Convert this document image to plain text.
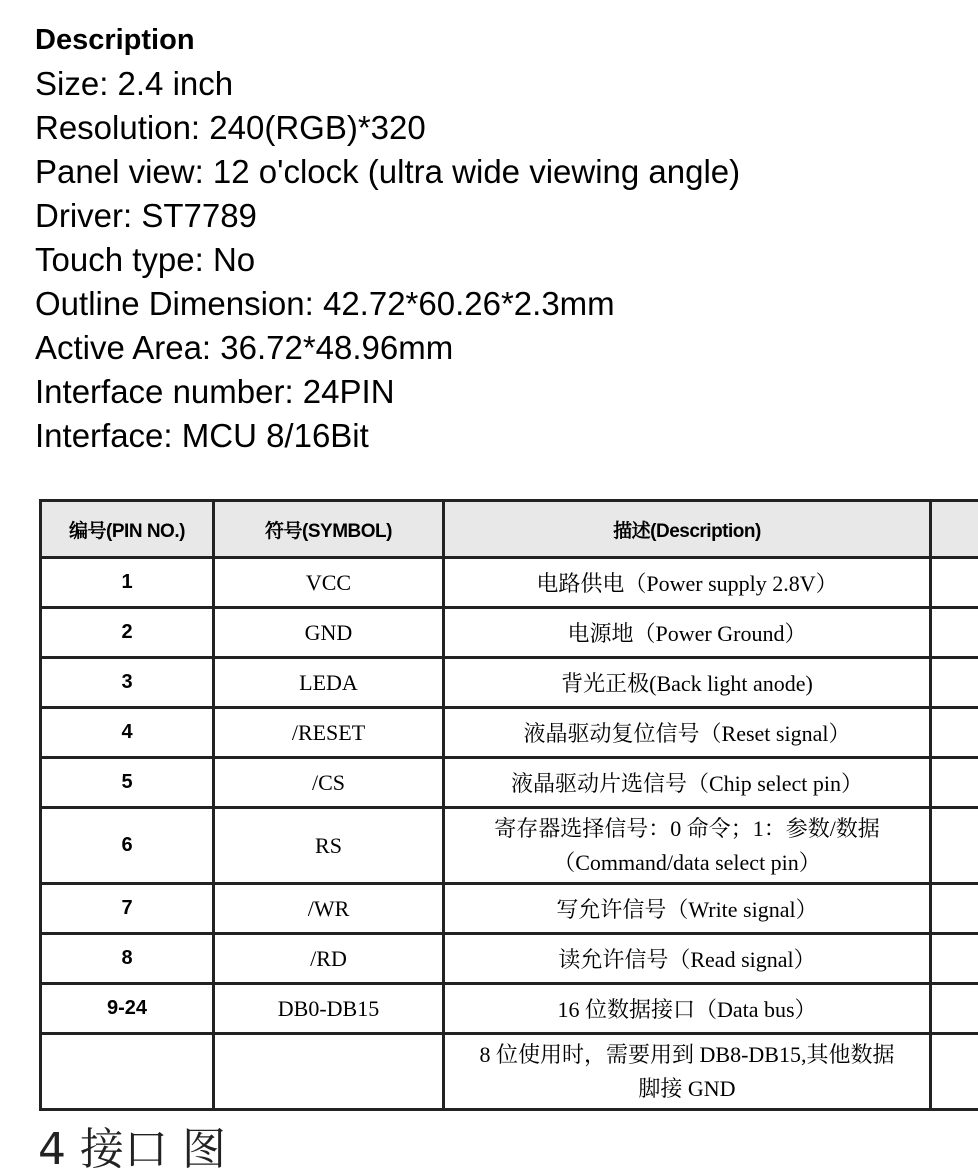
Description
Size: 2.4 inch
Resolution: 240(RGB)*320
Panel view: 12 o'clock (ultra wide viewing angle)
Driver: ST7789
Touch type: No
Outline Dimension: 42.72*60.26*2.3mm
Active Area: 36.72*48.96mm
Interface number: 24PIN
Interface: MCU 8/16Bit
编号(PIN NO.)	符号(SYMBOL)	描述(Description)	
1	VCC	电路供电（Power supply 2.8V）	
2	GND	电源地（Power Ground）	
3	LEDA	背光正极(Back light anode)	
4	/RESET	液晶驱动复位信号（Reset signal）	
5	/CS	液晶驱动片选信号（Chip select pin）	
6	RS	寄存器选择信号：0 命令；1：参数/数据
（Command/data select pin）	

7	/WR	写允许信号（Write signal）	
8	/RD	读允许信号（Read signal）	
9-24	DB0-DB15	16 位数据接口（Data bus）	

		8 位使用时，需要用到 DB8-DB15,其他数据
脚接 GND	

4 接口 图
